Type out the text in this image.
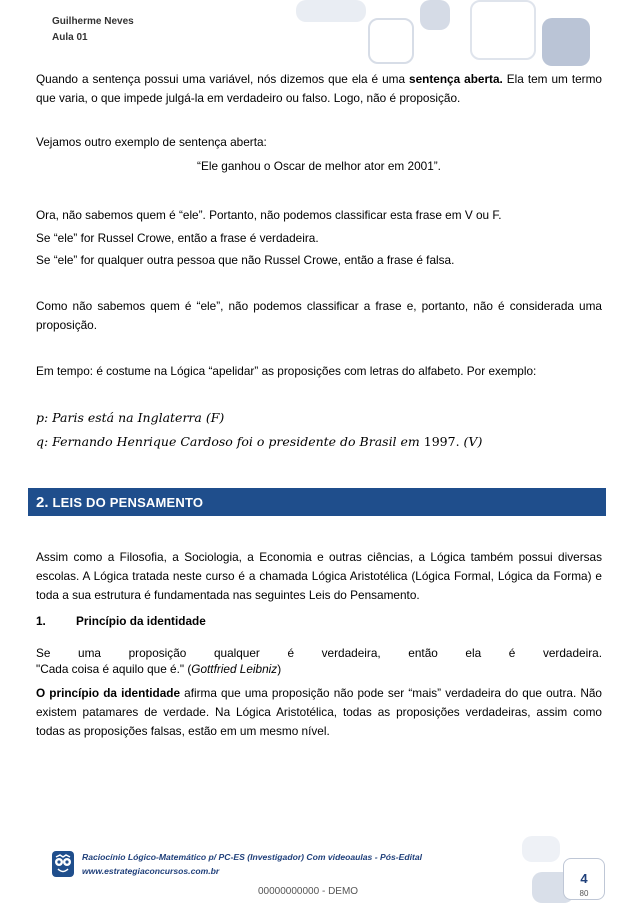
Guilherme Neves
Aula 01
Quando a sentença possui uma variável, nós dizemos que ela é uma sentença aberta. Ela tem um termo que varia, o que impede julgá-la em verdadeiro ou falso. Logo, não é proposição.
Vejamos outro exemplo de sentença aberta:
“Ele ganhou o Oscar de melhor ator em 2001”.
Ora, não sabemos quem é “ele”. Portanto, não podemos classificar esta frase em V ou F.
Se “ele” for Russel Crowe, então a frase é verdadeira.
Se “ele” for qualquer outra pessoa que não Russel Crowe, então a frase é falsa.
Como não sabemos quem é “ele”, não podemos classificar a frase e, portanto, não é considerada uma proposição.
Em tempo: é costume na Lógica “apelidar” as proposições com letras do alfabeto. Por exemplo:
p: Paris está na Inglaterra (F)
q: Fernando Henrique Cardoso foi o presidente do Brasil em 1997. (V)
2. LEIS DO PENSAMENTO
Assim como a Filosofia, a Sociologia, a Economia e outras ciências, a Lógica também possui diversas escolas. A Lógica tratada neste curso é a chamada Lógica Aristotélica (Lógica Formal, Lógica da Forma) e toda a sua estrutura é fundamentada nas seguintes Leis do Pensamento.
1.	Princípio da identidade
Se uma proposição qualquer é verdadeira, então ela é verdadeira.
"Cada coisa é aquilo que é." (Gottfried Leibniz)
O princípio da identidade afirma que uma proposição não pode ser “mais” verdadeira do que outra. Não existem patamares de verdade. Na Lógica Aristotélica, todas as proposições verdadeiras, assim como todas as proposições falsas, estão em um mesmo nível.
Raciocínio Lógico-Matemático p/ PC-ES (Investigador) Com videoaulas - Pós-Edital
www.estrategiaconcursos.com.br
00000000000 - DEMO
4
80
